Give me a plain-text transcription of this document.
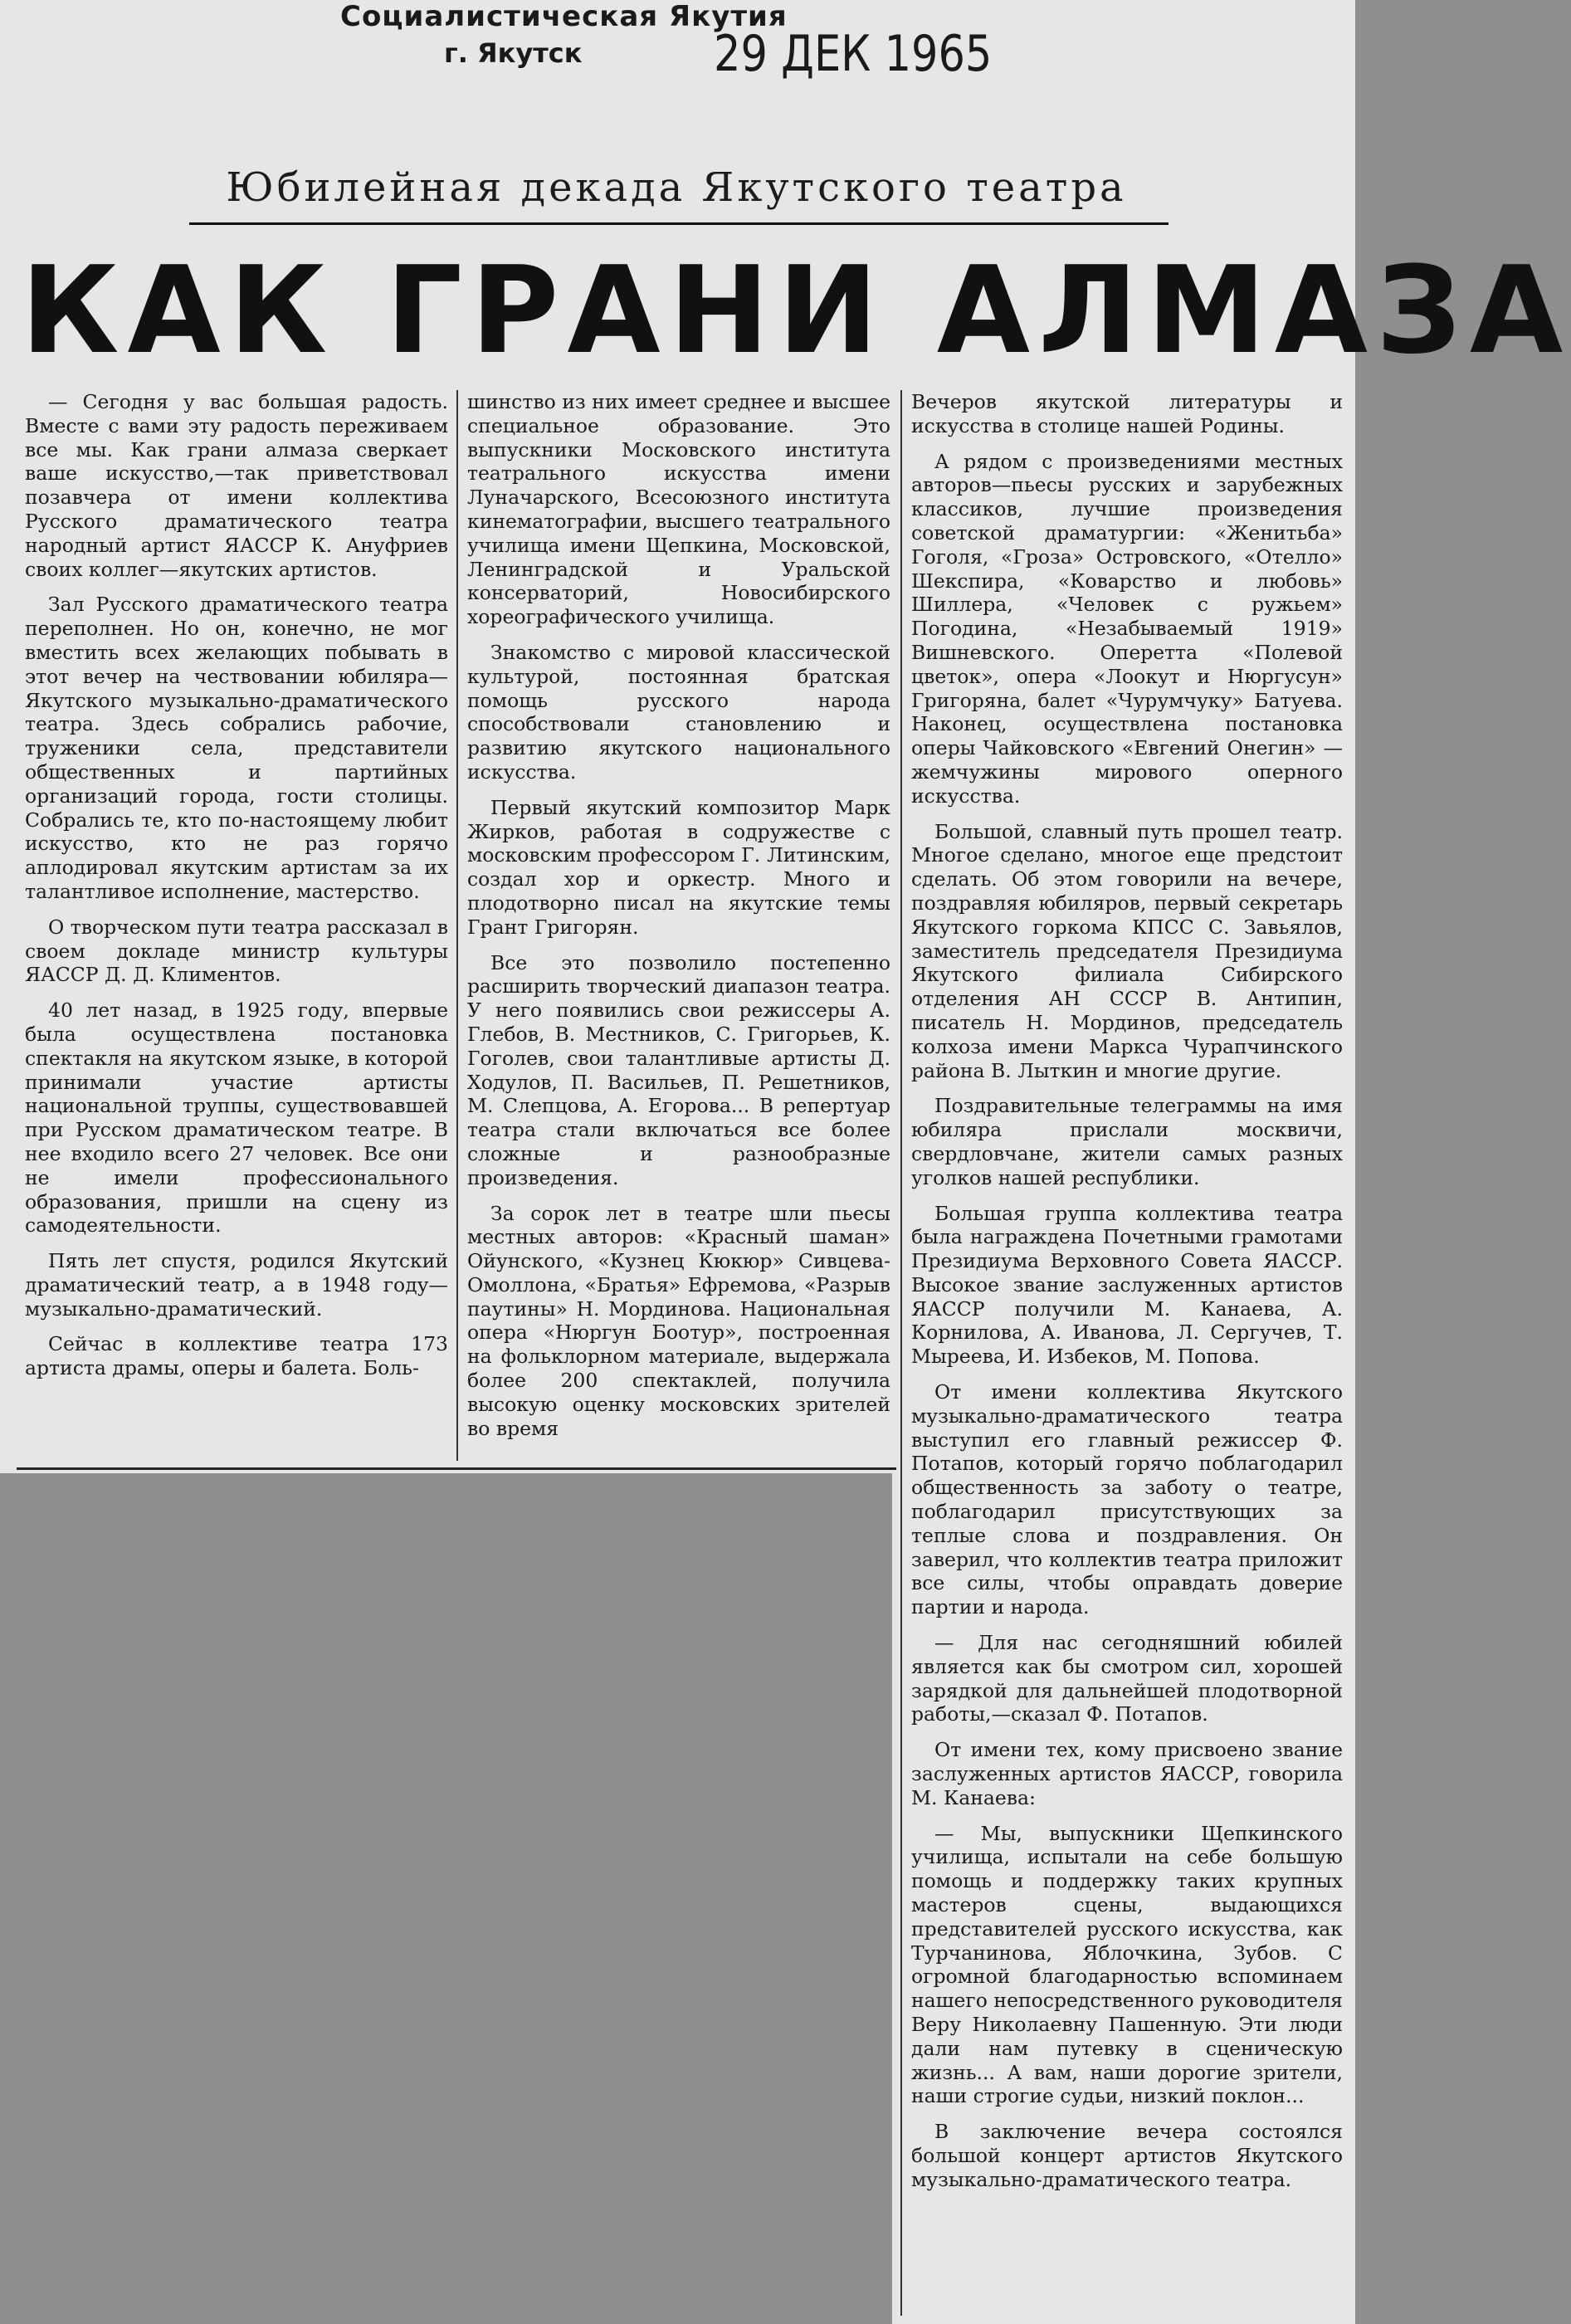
Социалистическая Якутия
г. Якутск	29 ДЕК 1965
Юбилейная декада Якутского театра
КАК ГРАНИ АЛМАЗА

— Сегодня у вас большая радость. Вместе с вами эту радость переживаем все мы. Как грани алмаза сверкает ваше искусство,—так приветствовал позавчера от имени коллектива Русского драматического театра народный артист ЯАССР К. Ануфриев своих коллег—якутских артистов.

Зал Русского драматического театра переполнен. Но он, конечно, не мог вместить всех желающих побывать в этот вечер на чествовании юбиляра—Якутского музыкально-драматического театра. Здесь собрались рабочие, труженики села, представители общественных и партийных организаций города, гости столицы. Собрались те, кто по-настоящему любит искусство, кто не раз горячо аплодировал якутским артистам за их талантливое исполнение, мастерство.

О творческом пути театра рассказал в своем докладе министр культуры ЯАССР Д. Д. Климентов.

40 лет назад, в 1925 году, впервые была осуществлена постановка спектакля на якутском языке, в которой принимали участие артисты национальной труппы, существовавшей при Русском драматическом театре. В нее входило всего 27 человек. Все они не имели профессионального образования, пришли на сцену из самодеятельности.

Пять лет спустя, родился Якутский драматический театр, а в 1948 году—музыкально-драматический.

Сейчас в коллективе театра 173 артиста драмы, оперы и балета. Боль-

шинство из них имеет среднее и высшее специальное образование. Это выпускники Московского института театрального искусства имени Луначарского, Всесоюзного института кинематографии, высшего театрального училища имени Щепкина, Московской, Ленинградской и Уральской консерваторий, Новосибирского хореографического училища.

Знакомство с мировой классической культурой, постоянная братская помощь русского народа способствовали становлению и развитию якутского национального искусства.

Первый якутский композитор Марк Жирков, работая в содружестве с московским профессором Г. Литинским, создал хор и оркестр. Много и плодотворно писал на якутские темы Грант Григорян.

Все это позволило постепенно расширить творческий диапазон театра. У него появились свои режиссеры А. Глебов, В. Местников, С. Григорьев, К. Гоголев, свои талантливые артисты Д. Ходулов, П. Васильев, П. Решетников, М. Слепцова, А. Егорова... В репертуар театра стали включаться все более сложные и разнообразные произведения.

За сорок лет в театре шли пьесы местных авторов: «Красный шаман» Ойунского, «Кузнец Кюкюр» Сивцева-Омоллона, «Братья» Ефремова, «Разрыв паутины» Н. Мординова. Национальная опера «Нюргун Боотур», построенная на фольклорном материале, выдержала более 200 спектаклей, получила высокую оценку московских зрителей во время

Вечеров якутской литературы и искусства в столице нашей Родины.

А рядом с произведениями местных авторов—пьесы русских и зарубежных классиков, лучшие произведения советской драматургии: «Женитьба» Гоголя, «Гроза» Островского, «Отелло» Шекспира, «Коварство и любовь» Шиллера, «Человек с ружьем» Погодина, «Незабываемый 1919» Вишневского. Оперетта «Полевой цветок», опера «Лоокут и Нюргусун» Григоряна, балет «Чурумчуку» Батуева. Наконец, осуществлена постановка оперы Чайковского «Евгений Онегин» — жемчужины мирового оперного искусства.

Большой, славный путь прошел театр. Многое сделано, многое еще предстоит сделать. Об этом говорили на вечере, поздравляя юбиляров, первый секретарь Якутского горкома КПСС С. Завьялов, заместитель председателя Президиума Якутского филиала Сибирского отделения АН СССР В. Антипин, писатель Н. Мординов, председатель колхоза имени Маркса Чурапчинского района В. Лыткин и многие другие.

Поздравительные телеграммы на имя юбиляра прислали москвичи, свердловчане, жители самых разных уголков нашей республики.

Большая группа коллектива театра была награждена Почетными грамотами Президиума Верховного Совета ЯАССР. Высокое звание заслуженных артистов ЯАССР получили М. Канаева, А. Корнилова, А. Иванова, Л. Сергучев, Т. Мыреева, И. Избеков, М. Попова.

От имени коллектива Якутского музыкально-драматического театра выступил его главный режиссер Ф. Потапов, который горячо поблагодарил общественность за заботу о театре, поблагодарил присутствующих за теплые слова и поздравления. Он заверил, что коллектив театра приложит все силы, чтобы оправдать доверие партии и народа.

— Для нас сегодняшний юбилей является как бы смотром сил, хорошей зарядкой для дальнейшей плодотворной работы,—сказал Ф. Потапов.

От имени тех, кому присвоено звание заслуженных артистов ЯАССР, говорила М. Канаева:

— Мы, выпускники Щепкинского училища, испытали на себе большую помощь и поддержку таких крупных мастеров сцены, выдающихся представителей русского искусства, как Турчанинова, Яблочкина, Зубов. С огромной благодарностью вспоминаем нашего непосредственного руководителя Веру Николаевну Пашенную. Эти люди дали нам путевку в сценическую жизнь... А вам, наши дорогие зрители, наши строгие судьи, низкий поклон...

В заключение вечера состоялся большой концерт артистов Якутского музыкально-драматического театра.
